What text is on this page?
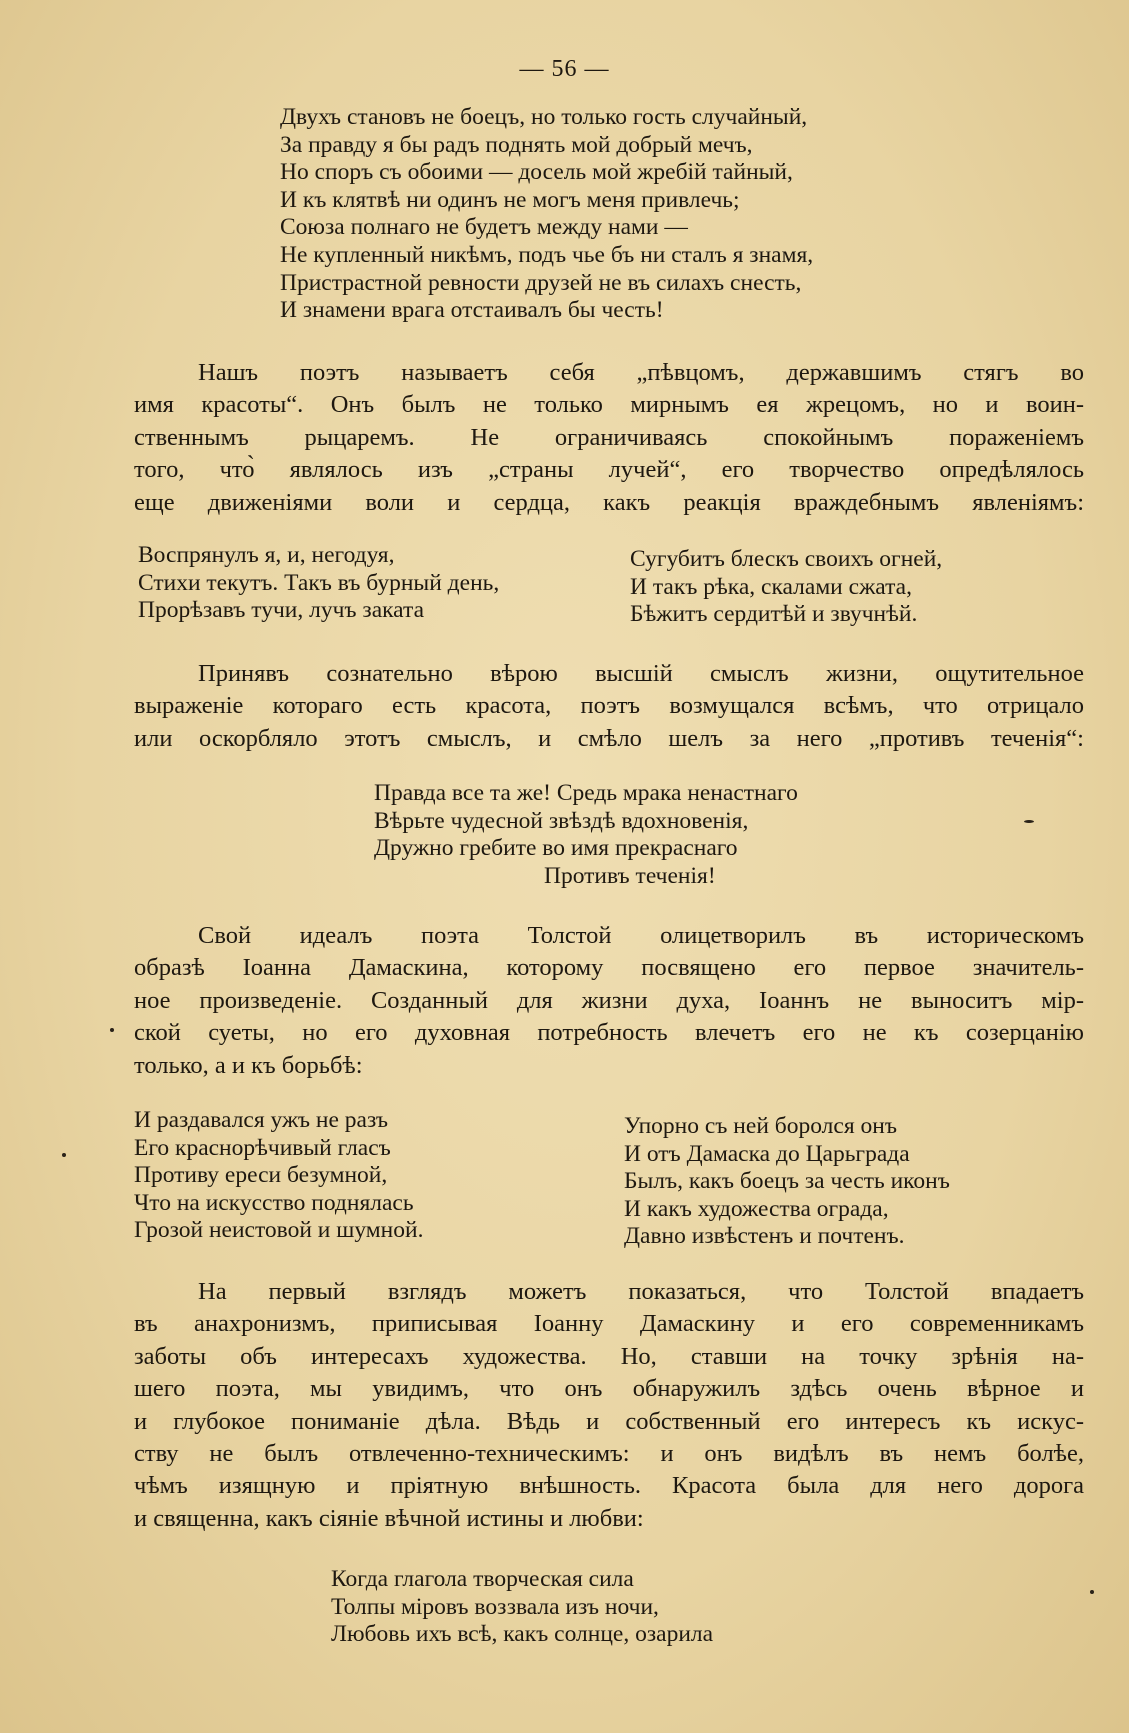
— 56 —
Двухъ становъ не боецъ, но только гость случайный,
За правду я бы радъ поднять мой добрый мечъ,
Но споръ съ обоими — досель мой жребій тайный,
И къ клятвѣ ни одинъ не могъ меня привлечь;
Союза полнаго не будетъ между нами —
Не купленный никѣмъ, подъ чье бъ ни сталъ я знамя,
Пристрастной ревности друзей не въ силахъ снесть,
И знамени врага отстаивалъ бы честь!
Нашъ поэтъ называетъ себя „пѣвцомъ, державшимъ стягъ во
имя красоты“. Онъ былъ не только мирнымъ ея жрецомъ, но и воин-
ственнымъ рыцаремъ. Не ограничиваясь спокойнымъ пораженіемъ
того, что̀ являлось изъ „страны лучей“, его творчество опредѣлялось
еще движеніями воли и сердца, какъ реакція враждебнымъ явленіямъ:
Воспрянулъ я, и, негодуя,
Стихи текутъ. Такъ въ бурный день,
Прорѣзавъ тучи, лучъ заката
Сугубитъ блескъ своихъ огней,
И такъ рѣка, скалами сжата,
Бѣжитъ сердитѣй и звучнѣй.
Принявъ сознательно вѣрою высшій смыслъ жизни, ощутительное
выраженіе котораго есть красота, поэтъ возмущался всѣмъ, что отрицало
или оскорбляло этотъ смыслъ, и смѣло шелъ за него „противъ теченія“:
Правда все та же! Средь мрака ненастнаго
Вѣрьте чудесной звѣздѣ вдохновенія,
Дружно гребите во имя прекраснаго
Противъ теченія!
Свой идеалъ поэта Толстой олицетворилъ въ историческомъ
образѣ Іоанна Дамаскина, которому посвящено его первое значитель-
ное произведеніе. Созданный для жизни духа, Іоаннъ не выноситъ мір-
ской суеты, но его духовная потребность влечетъ его не къ созерцанію
только, а и къ борьбѣ:
И раздавался ужъ не разъ
Его краснорѣчивый гласъ
Противу ереси безумной,
Что на искусство поднялась
Грозой неистовой и шумной.
Упорно съ ней боролся онъ
И отъ Дамаска до Царьграда
Былъ, какъ боецъ за честь иконъ
И какъ художества ограда,
Давно извѣстенъ и почтенъ.
На первый взглядъ можетъ показаться, что Толстой впадаетъ
въ анахронизмъ, приписывая Іоанну Дамаскину и его современникамъ
заботы объ интересахъ художества. Но, ставши на точку зрѣнія на-
шего поэта, мы увидимъ, что онъ обнаружилъ здѣсь очень вѣрное и
и глубокое пониманіе дѣла. Вѣдь и собственный его интересъ къ искус-
ству не былъ отвлеченно-техническимъ: и онъ видѣлъ въ немъ болѣе,
чѣмъ изящную и пріятную внѣшность. Красота была для него дорога
и священна, какъ сіяніе вѣчной истины и любви:
Когда глагола творческая сила
Толпы міровъ воззвала изъ ночи,
Любовь ихъ всѣ, какъ солнце, озарила
